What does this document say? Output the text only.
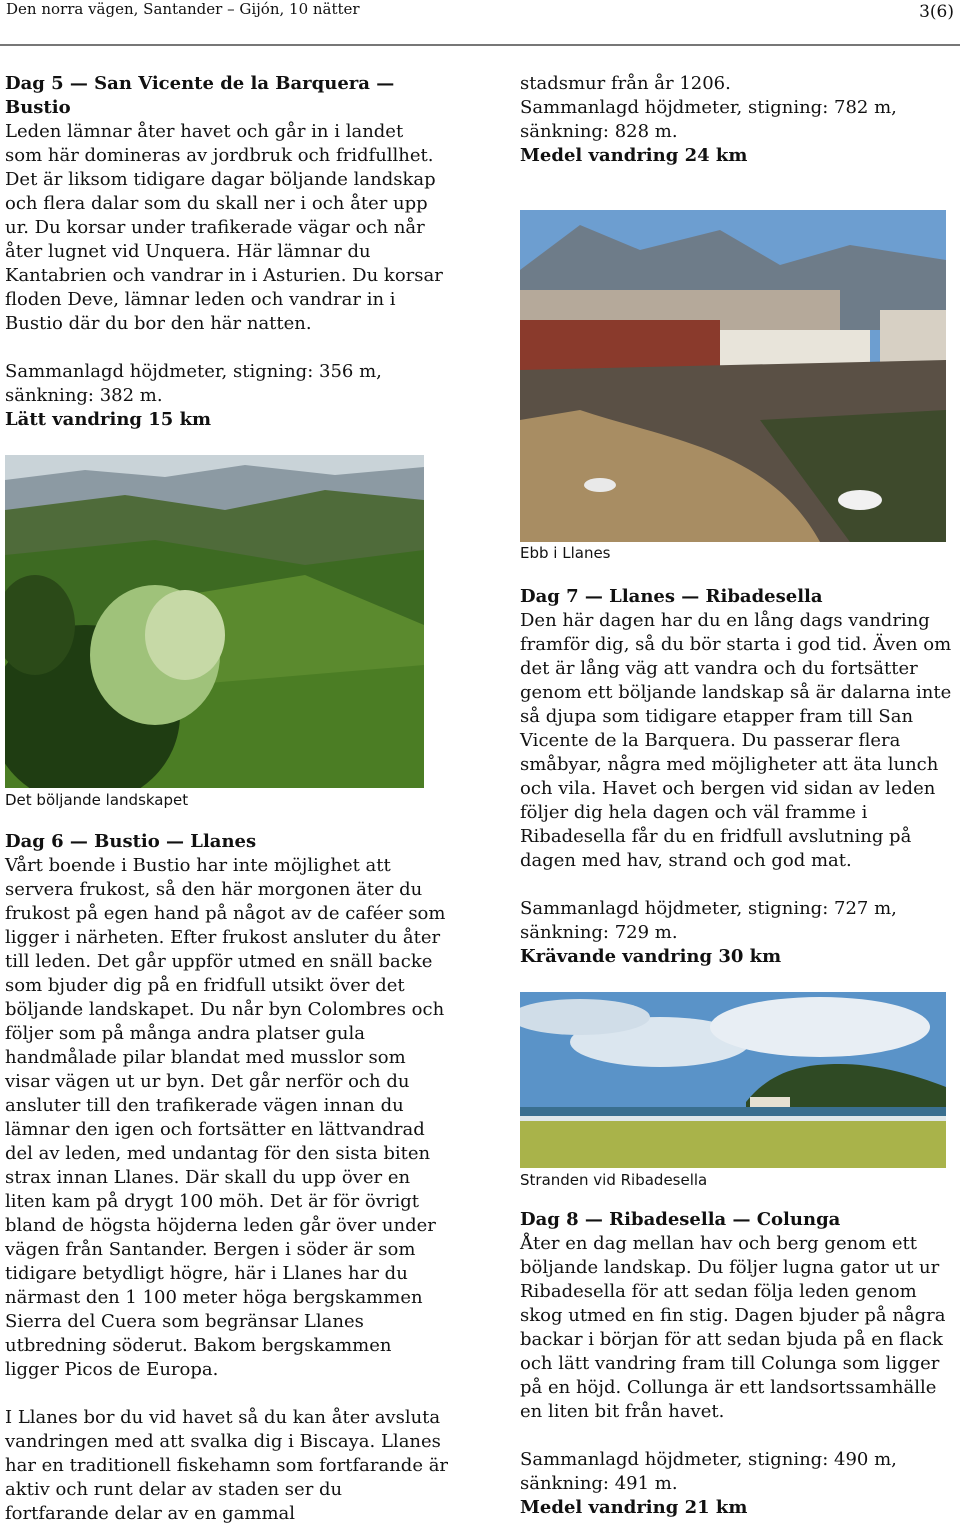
Den norra vägen, Santander – Gijón, 10 nätter	3(6)

Dag 5 — San Vicente de la Barquera — Bustio

Leden lämnar åter havet och går in i landet som här domineras av jordbruk och fridfullhet. Det är liksom tidigare dagar böljande landskap och flera dalar som du skall ner i och åter upp ur. Du korsar under trafikerade vägar och når åter lugnet vid Unquera. Här lämnar du Kantabrien och vandrar in i Asturien. Du korsar floden Deve, lämnar leden och vandrar in i Bustio där du bor den här natten.

Sammanlagd höjdmeter, stigning: 356 m, sänkning: 382 m.

Lätt vandring 15 km

Det böljande landskapet

Dag 6 — Bustio — Llanes

Vårt boende i Bustio har inte möjlighet att servera frukost, så den här morgonen äter du frukost på egen hand på något av de caféer som ligger i närheten. Efter frukost ansluter du åter till leden. Det går uppför utmed en snäll backe som bjuder dig på en fridfull utsikt över det böljande landskapet. Du når byn Colombres och följer som på många andra platser gula handmålade pilar blandat med musslor som visar vägen ut ur byn. Det går nerför och du ansluter till den trafikerade vägen innan du lämnar den igen och fortsätter en lättvandrad del av leden, med undantag för den sista biten strax innan Llanes. Där skall du upp över en liten kam på drygt 100 möh. Det är för övrigt bland de högsta höjderna leden går över under vägen från Santander. Bergen i söder är som tidigare betydligt högre, här i Llanes har du närmast den 1 100 meter höga bergskammen Sierra del Cuera som begränsar Llanes utbredning söderut. Bakom bergskammen ligger Picos de Europa.

I Llanes bor du vid havet så du kan åter avsluta vandringen med att svalka dig i Biscaya. Llanes har en traditionell fiskehamn som fortfarande är aktiv och runt delar av staden ser du fortfarande delar av en gammal

stadsmur från år 1206.

Sammanlagd höjdmeter, stigning: 782 m, sänkning: 828 m.

Medel vandring 24 km

Ebb i Llanes

Dag 7 — Llanes — Ribadesella

Den här dagen har du en lång dags vandring framför dig, så du bör starta i god tid. Även om det är lång väg att vandra och du fortsätter genom ett böljande landskap så är dalarna inte så djupa som tidigare etapper fram till San Vicente de la Barquera. Du passerar flera småbyar, några med möjligheter att äta lunch och vila. Havet och bergen vid sidan av leden följer dig hela dagen och väl framme i Ribadesella får du en fridfull avslutning på dagen med hav, strand och god mat.

Sammanlagd höjdmeter, stigning: 727 m, sänkning: 729 m.

Krävande vandring 30 km

Stranden vid Ribadesella

Dag 8 — Ribadesella — Colunga

Åter en dag mellan hav och berg genom ett böljande landskap. Du följer lugna gator ut ur Ribadesella för att sedan följa leden genom skog utmed en fin stig. Dagen bjuder på några backar i början för att sedan bjuda på en flack och lätt vandring fram till Colunga som ligger på en höjd. Collunga är ett landsortssamhälle en liten bit från havet.

Sammanlagd höjdmeter, stigning: 490 m, sänkning: 491 m.

Medel vandring 21 km
